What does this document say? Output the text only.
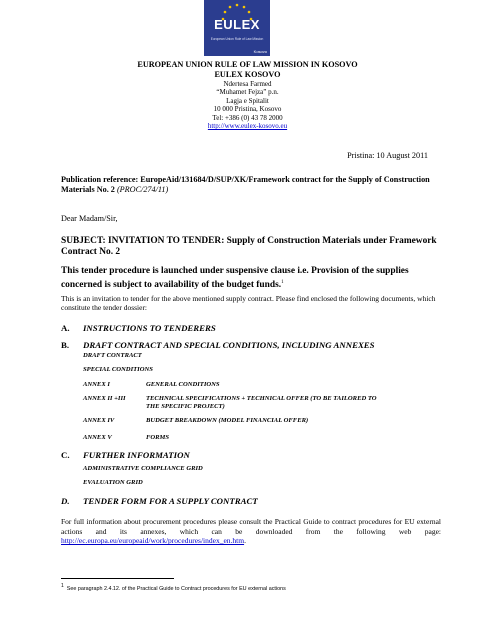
EULEX
European Union Rule of Law Mission
Kosovo
EUROPEAN UNION RULE OF LAW MISSION IN KOSOVO
EULEX KOSOVO
Ndertesa Farmed
“Muhamet Fejza” p.n.
Lagja e Spitalit
10 000 Pristina, Kosovo
Tel: +386 (0) 43 78 2000
http://www.eulex-kosovo.eu
Pristina: 10 August 2011
Publication reference: EuropeAid/131684/D/SUP/XK/Framework contract for the Supply of Construction Materials No. 2 (PROC/274/11)
Dear Madam/Sir,
SUBJECT: INVITATION TO TENDER: Supply of Construction Materials under Framework Contract No. 2
This tender procedure is launched under suspensive clause i.e. Provision of the supplies concerned is subject to availability of the budget funds.$^1$
This is an invitation to tender for the above mentioned supply contract. Please find enclosed the following documents, which constitute the tender dossier:
A. INSTRUCTIONS TO TENDERERS
B. DRAFT CONTRACT AND SPECIAL CONDITIONS, INCLUDING ANNEXES
DRAFT CONTRACT
SPECIAL CONDITIONS
ANNEX I	GENERAL CONDITIONS
ANNEX II +III	TECHNICAL SPECIFICATIONS + TECHNICAL OFFER (TO BE TAILORED TO THE SPECIFIC PROJECT)
ANNEX IV	BUDGET BREAKDOWN (MODEL FINANCIAL OFFER)
ANNEX V	FORMS
C. FURTHER INFORMATION
ADMINISTRATIVE COMPLIANCE GRID
EVALUATION GRID
D. TENDER FORM FOR A SUPPLY CONTRACT
For full information about procurement procedures please consult the Practical Guide to contract procedures for EU external actions and its annexes, which can be downloaded from the following web page: http://ec.europa.eu/europeaid/work/procedures/index_en.htm.
$^1$ See paragraph 2.4.12. of the Practical Guide to Contract procedures for EU external actions
